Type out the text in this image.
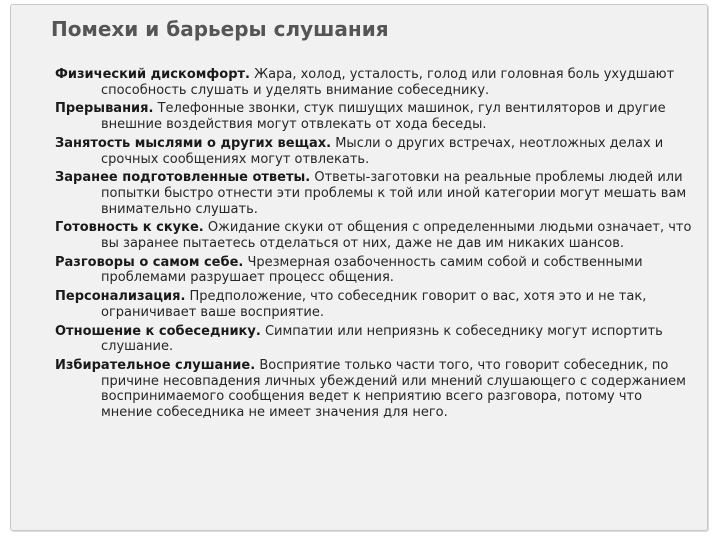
Помехи и барьеры слушания
Физический дискомфорт. Жара, холод, усталость, голод или головная боль ухудшают способность слушать и уделять внимание собеседнику.
Прерывания. Телефонные звонки, стук пишущих машинок, гул вентиляторов и другие внешние воздействия могут отвлекать от хода беседы.
Занятость мыслями о других вещах. Мысли о других встречах, неотложных делах и срочных сообщениях могут отвлекать.
Заранее подготовленные ответы. Ответы-заготовки на реальные проблемы людей или попытки быстро отнести эти проблемы к той или иной категории могут мешать вам внимательно слушать.
Готовность к скуке. Ожидание скуки от общения с определенными людьми означает, что вы заранее пытаетесь отделаться от них, даже не дав им никаких шансов.
Разговоры о самом себе. Чрезмерная озабоченность самим собой и собственными проблемами разрушает процесс общения.
Персонализация. Предположение, что собеседник говорит о вас, хотя это и не так, ограничивает ваше восприятие.
Отношение к собеседнику. Симпатии или неприязнь к собеседнику могут испортить слушание.
Избирательное слушание. Восприятие только части того, что говорит собеседник, по причине несовпадения личных убеждений или мнений слушающего с содержанием воспринимаемого сообщения ведет к неприятию всего разговора, потому что мнение собеседника не имеет значения для него.
